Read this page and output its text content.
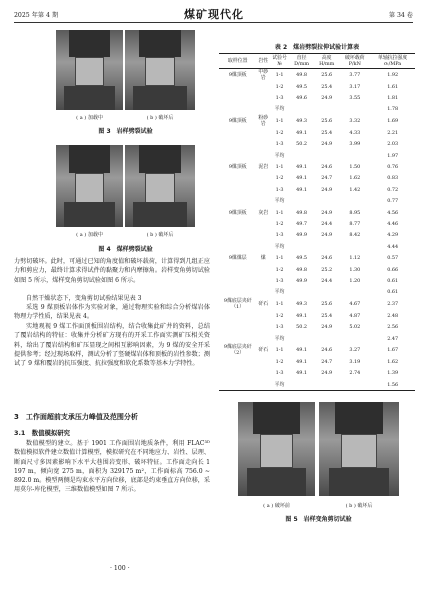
2025 年第 4 期	煤矿现代化	第 34 卷
( a ) 加载中	( b ) 破坏后
图 3　岩样劈裂试验
( a ) 加载中	( b ) 破坏后
图 4　煤样劈裂试验

力劈切破坏。此时，可通过已知的角度值和破坏载荷，计算得到几组正应力和剪应力，最终计算求得试件的黏聚力和内摩擦角。岩样变角剪切试验如图 5 所示，煤样变角剪切试验如图 6 所示。

自然干燥状态下，变角剪切试验结果见表 3

采选 9 煤顶板岩体作为实验对象，通过物理实验和综合分析煤岩体物理力学性质，结果见表 4。

实地观视 9 煤工作面顶板围岩结构，结合收集此矿井的资料，总结了覆岩结构的特征：收集并分析矿方现有的开采工作面实测矿压相关资料，给出了覆岩结构和矿压显现之间相互影响因素，为 9 煤的安全开采提供参考；经过现场取样，测试分析了竖硬煤岩体和顶板的岩性参数；测试了 9 煤和覆岩的抗压强度、抗拉强度和软化系数等基本力学特性。

3　工作面超前支承压力峰值及范围分析
3.1　数值模拟研究

数值模型的建立。基于 1901 工作面围岩地质条件，利用 FLAC³ᴰ 数值模拟软件建立数值计算模型，模拟研究在不同地应力、岩性、层理、断面尺寸多因素影响下水平大巷围岩变形、破坏特征。工作面走向长 1 197 m，倾向宽 275 m，面积为 329175 m²，工作面标高 756.0 ~ 892.0 m。模型两侧是均束水平方向位移，底部是约束垂直方向位移，采用莫尔-库伦模型，三维数值模型如图 7 所示。

· 100 ·
表 2　煤岩劈裂拉伸试验计算表
取样位置	岩性	试验号 №	直径 D/mm	高度 H/mm	破坏载荷 P/kN	单轴抗拉强度 σₜ/MPa
9煤顶板	中砂岩	1-1	49.8	25.6	3.77	1.92
		1-2	49.5	25.4	3.17	1.61
		1-3	49.6	24.9	3.55	1.81
		平均				1.78
9煤顶板	粉砂岩	1-1	49.3	25.6	3.32	1.69
		1-2	49.1	25.4	4.33	2.21
		1-3	50.2	24.9	3.99	2.03
		平均				1.97
9煤顶板	泥岩	1-1	49.1	24.6	1.50	0.76
		1-2	49.1	24.7	1.62	0.83
		1-3	49.1	24.9	1.42	0.72
		平均				0.77
9煤顶板	灰岩	1-1	49.8	24.9	8.95	4.56
		1-2	49.7	24.4	8.77	4.46
		1-3	49.9	24.9	8.42	4.29
		平均				4.44
9煤煤层	煤	1-1	49.5	24.6	1.12	0.57
		1-2	49.8	25.2	1.30	0.66
		1-3	49.9	24.4	1.20	0.61
		平均				0.61
9煤底层夹矸（1）	矸石	1-1	49.3	25.6	4.67	2.37
		1-2	49.1	25.4	4.87	2.48
		1-3	50.2	24.9	5.02	2.56
		平均				2.47
9煤底层夹矸（2）	矸石	1-1	49.1	24.6	3.27	1.67
		1-2	49.1	24.7	3.19	1.62
		1-3	49.1	24.9	2.74	1.39
		平均				1.56
( a ) 破坏前	( b ) 破坏后
图 5　岩样变角剪切试验
